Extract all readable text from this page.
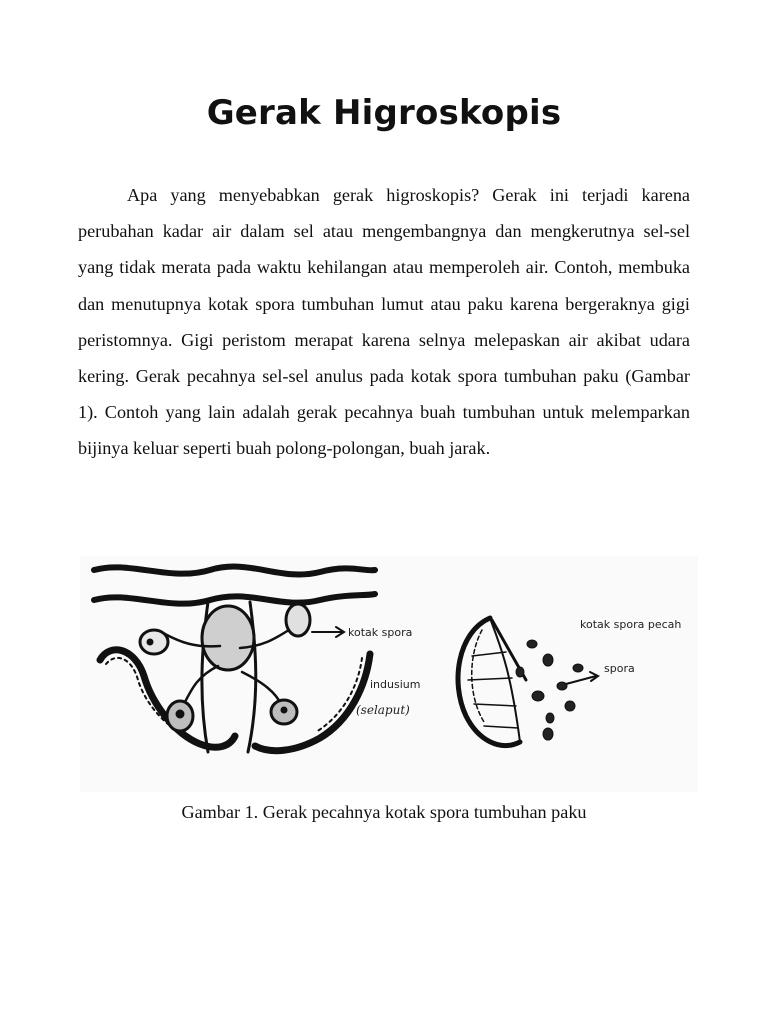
Gerak Higroskopis

Apa yang menyebabkan gerak higroskopis? Gerak ini terjadi karena perubahan kadar air dalam sel atau mengembangnya dan mengkerutnya sel-sel yang tidak merata pada waktu kehilangan atau memperoleh air. Contoh, membuka dan menutupnya kotak spora tumbuhan lumut atau paku karena bergeraknya gigi peristomnya. Gigi peristom merapat karena selnya melepaskan air akibat udara kering. Gerak pecahnya sel-sel anulus pada kotak spora tumbuhan paku (Gambar 1). Contoh yang lain adalah gerak pecahnya buah tumbuhan untuk melemparkan bijinya keluar seperti buah polong-polongan, buah jarak.

kotak spora
indusium
(selaput)
kotak spora pecah
spora

Gambar 1. Gerak pecahnya kotak spora tumbuhan paku
